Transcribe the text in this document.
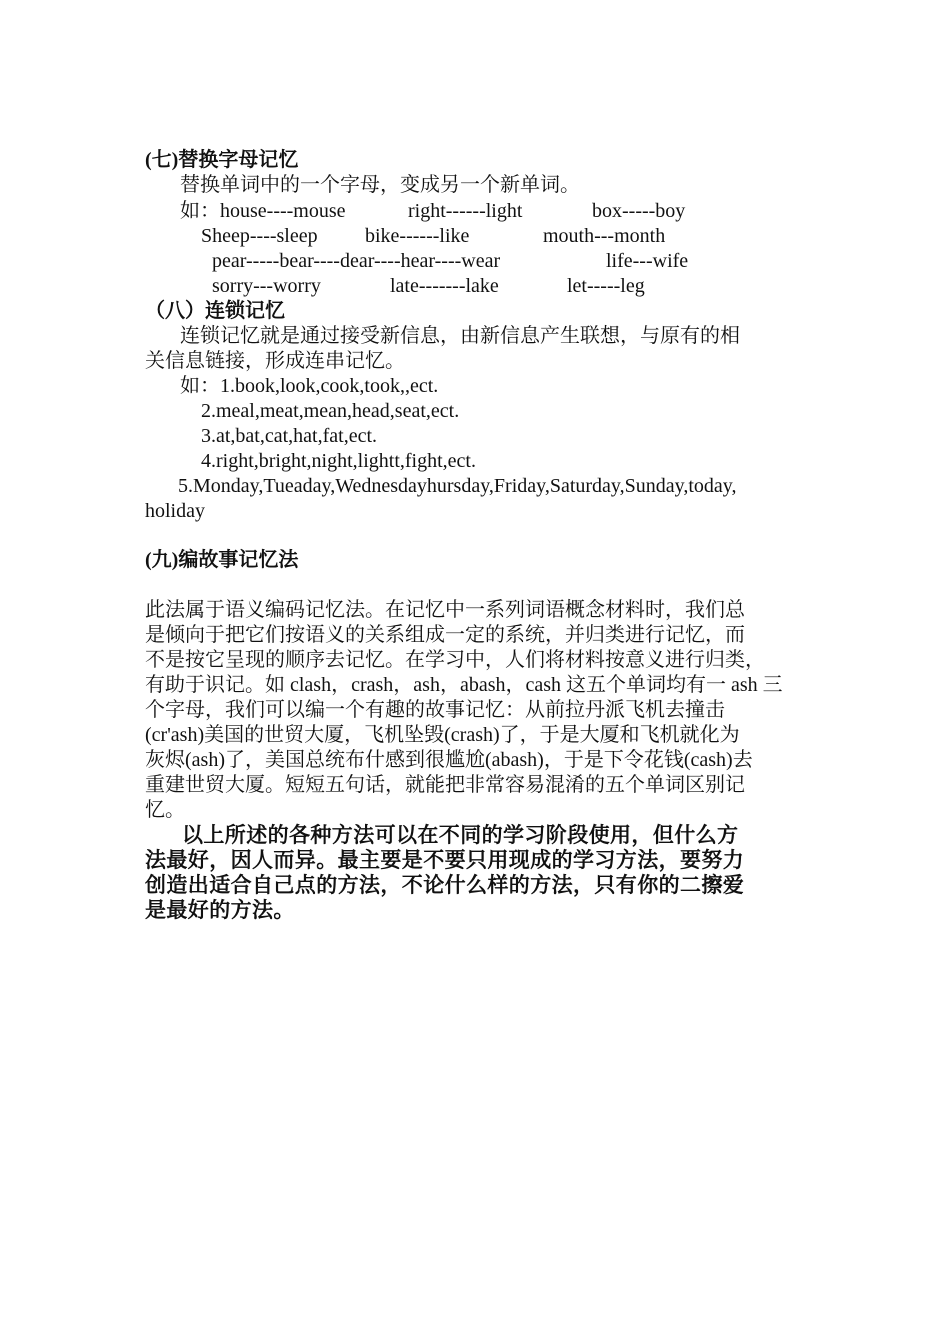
(七)替换字母记忆
替换单词中的一个字母，变成另一个新单词。
如：house----mouse	right------light	box-----boy
Sheep----sleep bike------like	mouth---month
pear-----bear----dear----hear----wear	life---wife
sorry---worry	late-------lake	let-----leg
（八）连锁记忆
连锁记忆就是通过接受新信息，由新信息产生联想，与原有的相
关信息链接，形成连串记忆。
如：1.book,look,cook,took,,ect.
2.meal,meat,mean,head,seat,ect.
3.at,bat,cat,hat,fat,ect.
4.right,bright,night,lightt,fight,ect.
5.Monday,Tueaday,Wednesdayhursday,Friday,Saturday,Sunday,today,
holiday
(九)编故事记忆法
此法属于语义编码记忆法。在记忆中一系列词语概念材料时，我们总
是倾向于把它们按语义的关系组成一定的系统，并归类进行记忆，而
不是按它呈现的顺序去记忆。在学习中，人们将材料按意义进行归类，
有助于识记。如 clash，crash，ash，abash，cash 这五个单词均有一 ash 三
个字母，我们可以编一个有趣的故事记忆：从前拉丹派飞机去撞击
(cr'ash)美国的世贸大厦，飞机坠毁(crash)了，于是大厦和飞机就化为
灰烬(ash)了，美国总统布什感到很尴尬(abash)，于是下令花钱(cash)去
重建世贸大厦。短短五句话，就能把非常容易混淆的五个单词区别记
忆。
以上所述的各种方法可以在不同的学习阶段使用，但什么方
法最好，因人而异。最主要是不要只用现成的学习方法，要努力
创造出适合自己点的方法，不论什么样的方法，只有你的二擦爱
是最好的方法。
